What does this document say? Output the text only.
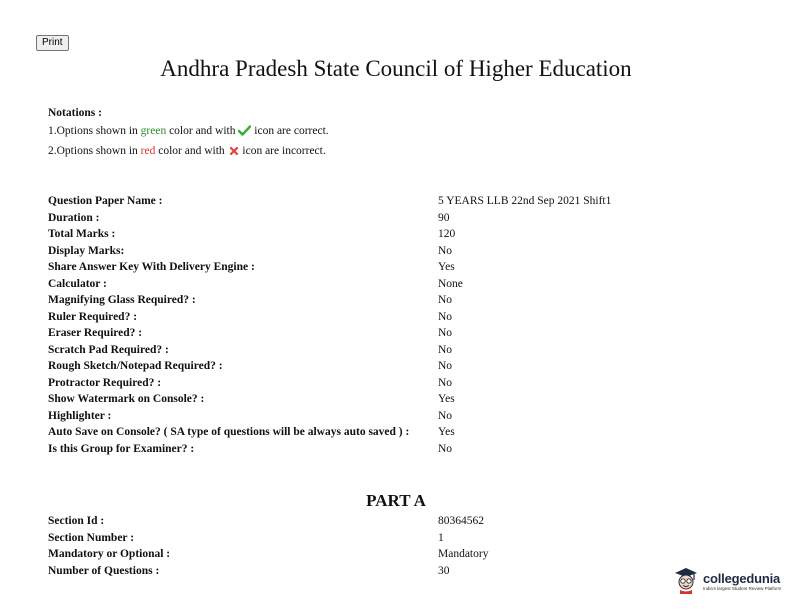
Print
Andhra Pradesh State Council of Higher Education
Notations :
1.Options shown in green color and with  icon are correct.
2.Options shown in red color and with  icon are incorrect.
Question Paper Name :	5 YEARS LLB 22nd Sep 2021 Shift1
Duration :	90
Total Marks :	120
Display Marks:	No
Share Answer Key With Delivery Engine :	Yes
Calculator :	None
Magnifying Glass Required? :	No
Ruler Required? :	No
Eraser Required? :	No
Scratch Pad Required? :	No
Rough Sketch/Notepad Required? :	No
Protractor Required? :	No
Show Watermark on Console? :	Yes
Highlighter :	No
Auto Save on Console? ( SA type of questions will be always auto saved ) :	Yes
Is this Group for Examiner? :	No
PART A
Section Id :	80364562
Section Number :	1
Mandatory or Optional :	Mandatory
Number of Questions :	30	collegedunia
India's largest Student Review Platform
